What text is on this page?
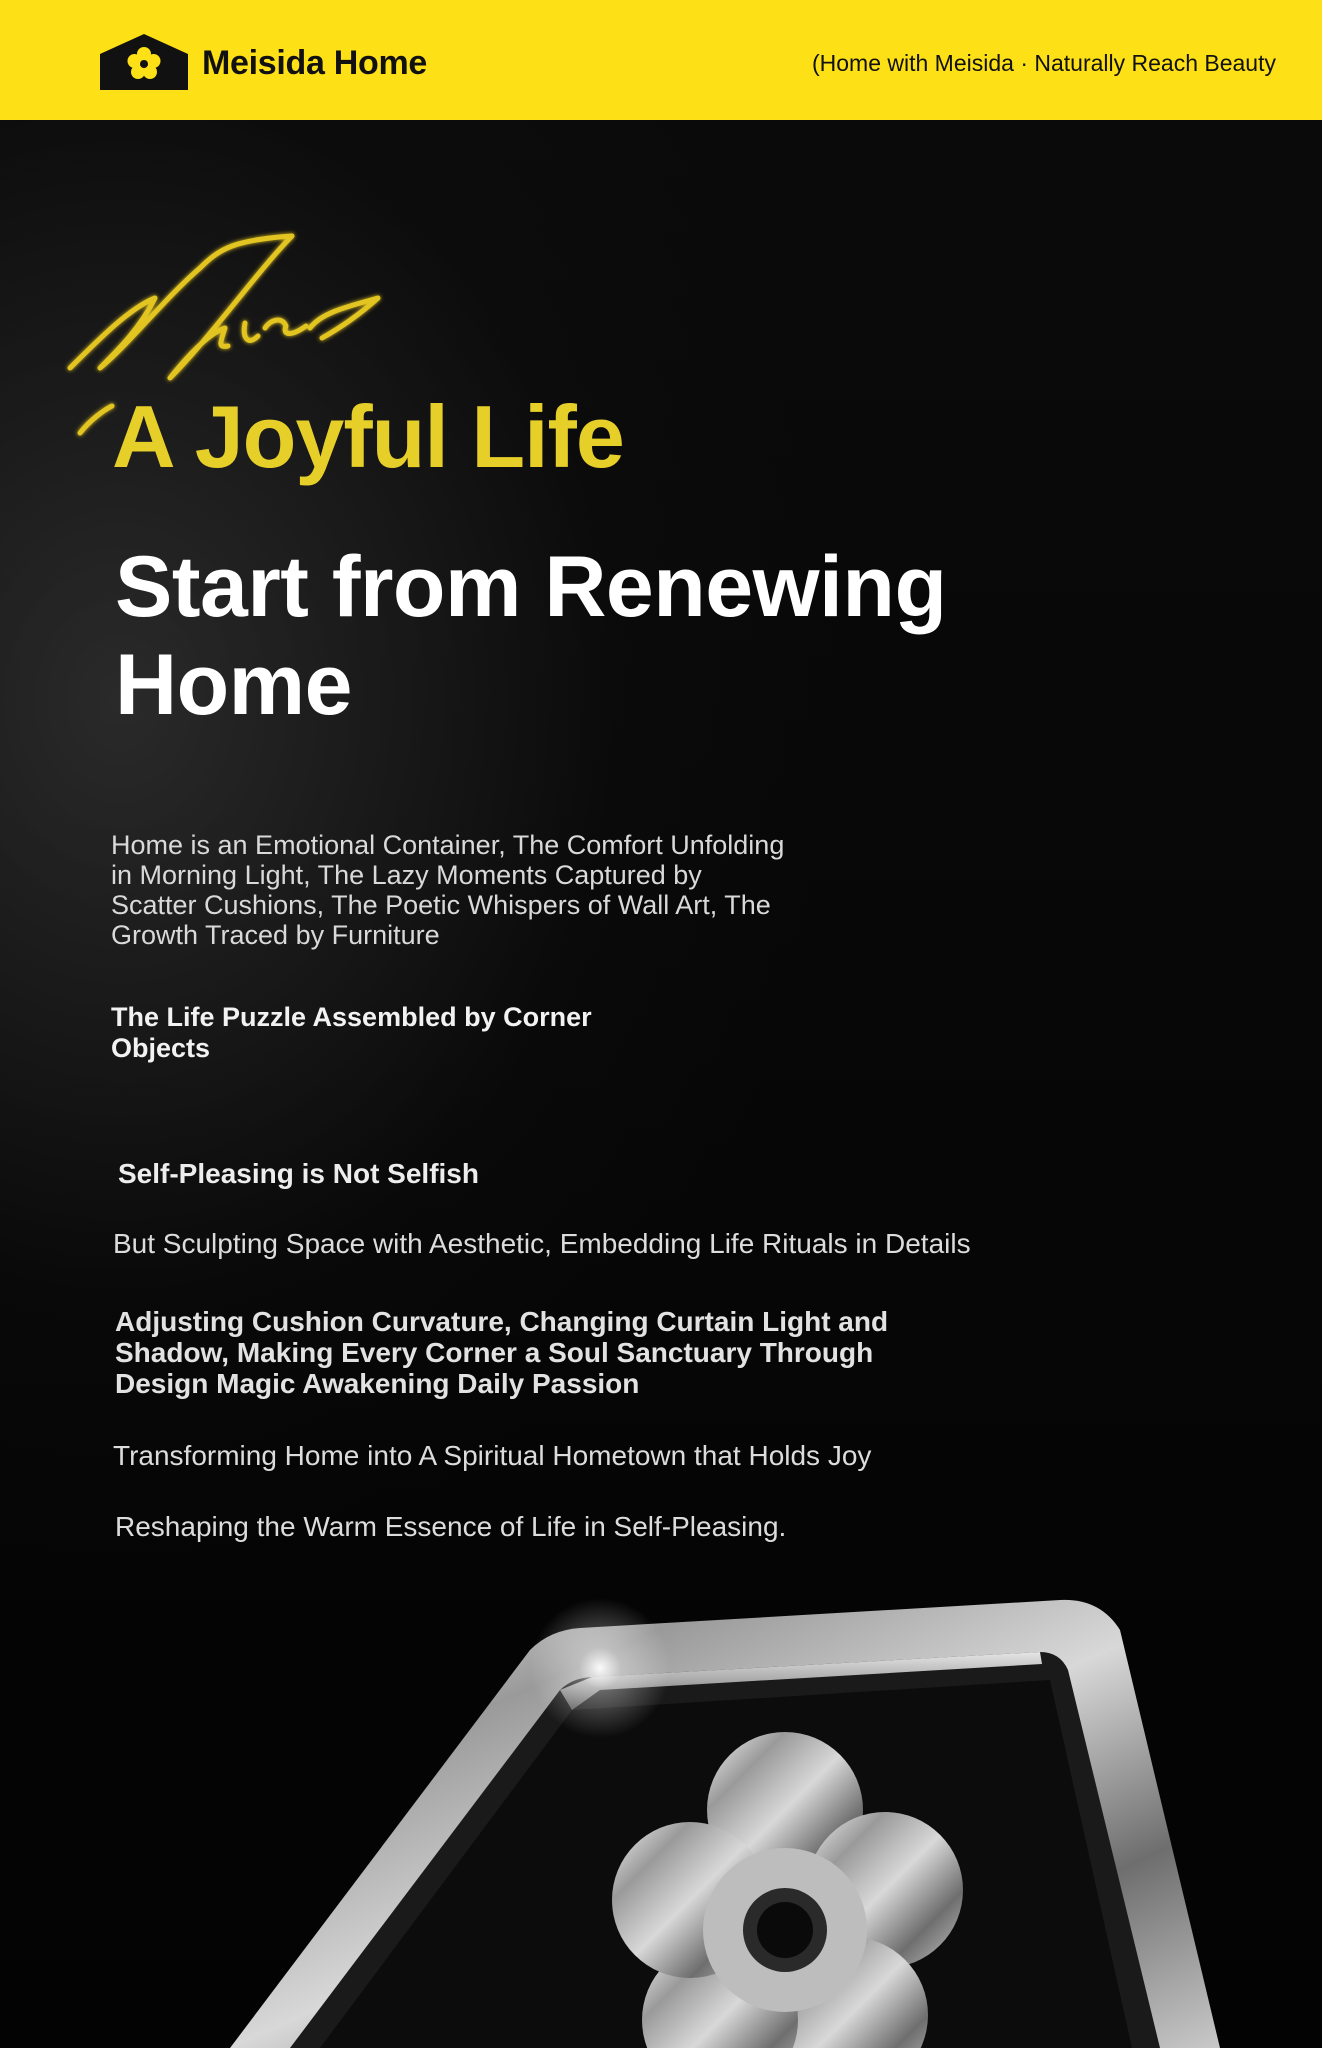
Meisida Home	(Home with Meisida · Naturally Reach Beauty
A Joyful Life
Start from Renewing Home
Home is an Emotional Container, The Comfort Unfolding in Morning Light, The Lazy Moments Captured by Scatter Cushions, The Poetic Whispers of Wall Art, The Growth Traced by Furniture
The Life Puzzle Assembled by Corner Objects
Self-Pleasing is Not Selfish
But Sculpting Space with Aesthetic, Embedding Life Rituals in Details
Adjusting Cushion Curvature, Changing Curtain Light and Shadow, Making Every Corner a Soul Sanctuary Through Design Magic Awakening Daily Passion
Transforming Home into A Spiritual Hometown that Holds Joy
Reshaping the Warm Essence of Life in Self-Pleasing.
